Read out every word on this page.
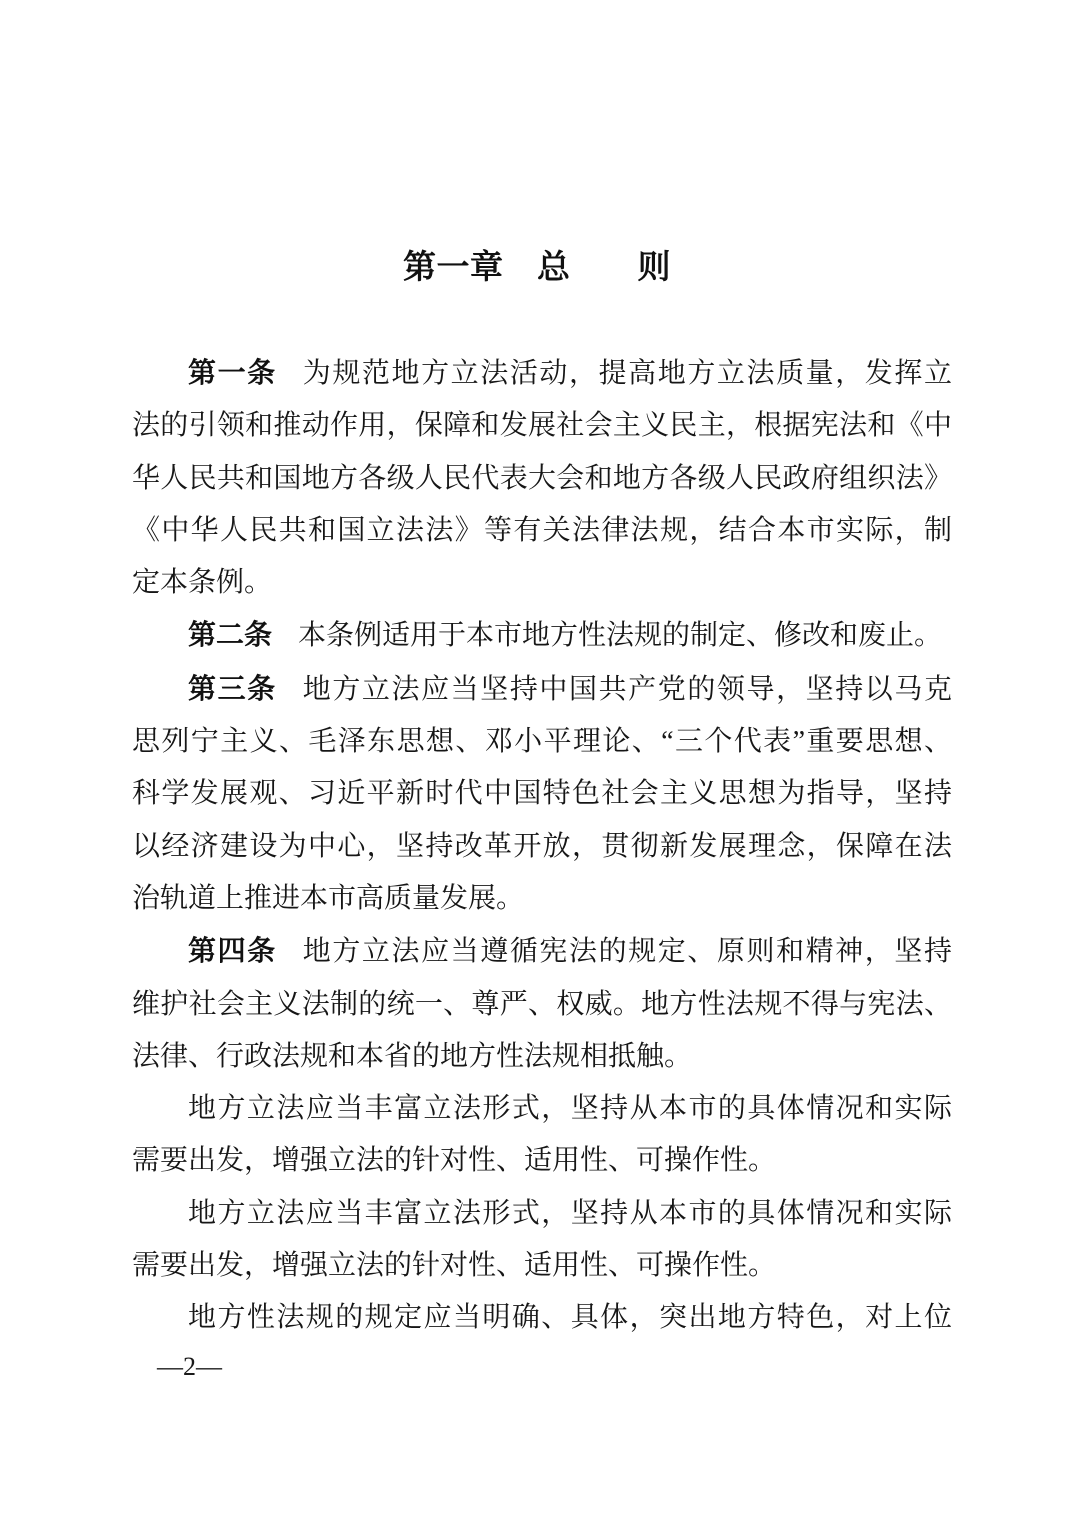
第一章　总　　则
第一条 为规范地方立法活动，提高地方立法质量，发挥立
法的引领和推动作用，保障和发展社会主义民主，根据宪法和《中
华人民共和国地方各级人民代表大会和地方各级人民政府组织法》
《中华人民共和国立法法》等有关法律法规，结合本市实际，制
定本条例。
第二条 本条例适用于本市地方性法规的制定、修改和废止。
第三条 地方立法应当坚持中国共产党的领导，坚持以马克
思列宁主义、毛泽东思想、邓小平理论、“三个代表”重要思想、
科学发展观、习近平新时代中国特色社会主义思想为指导，坚持
以经济建设为中心，坚持改革开放，贯彻新发展理念，保障在法
治轨道上推进本市高质量发展。
第四条 地方立法应当遵循宪法的规定、原则和精神，坚持
维护社会主义法制的统一、尊严、权威。地方性法规不得与宪法、
法律、行政法规和本省的地方性法规相抵触。
地方立法应当丰富立法形式，坚持从本市的具体情况和实际
需要出发，增强立法的针对性、适用性、可操作性。
地方立法应当丰富立法形式，坚持从本市的具体情况和实际
需要出发，增强立法的针对性、适用性、可操作性。
地方性法规的规定应当明确、具体，突出地方特色，对上位
—2—
